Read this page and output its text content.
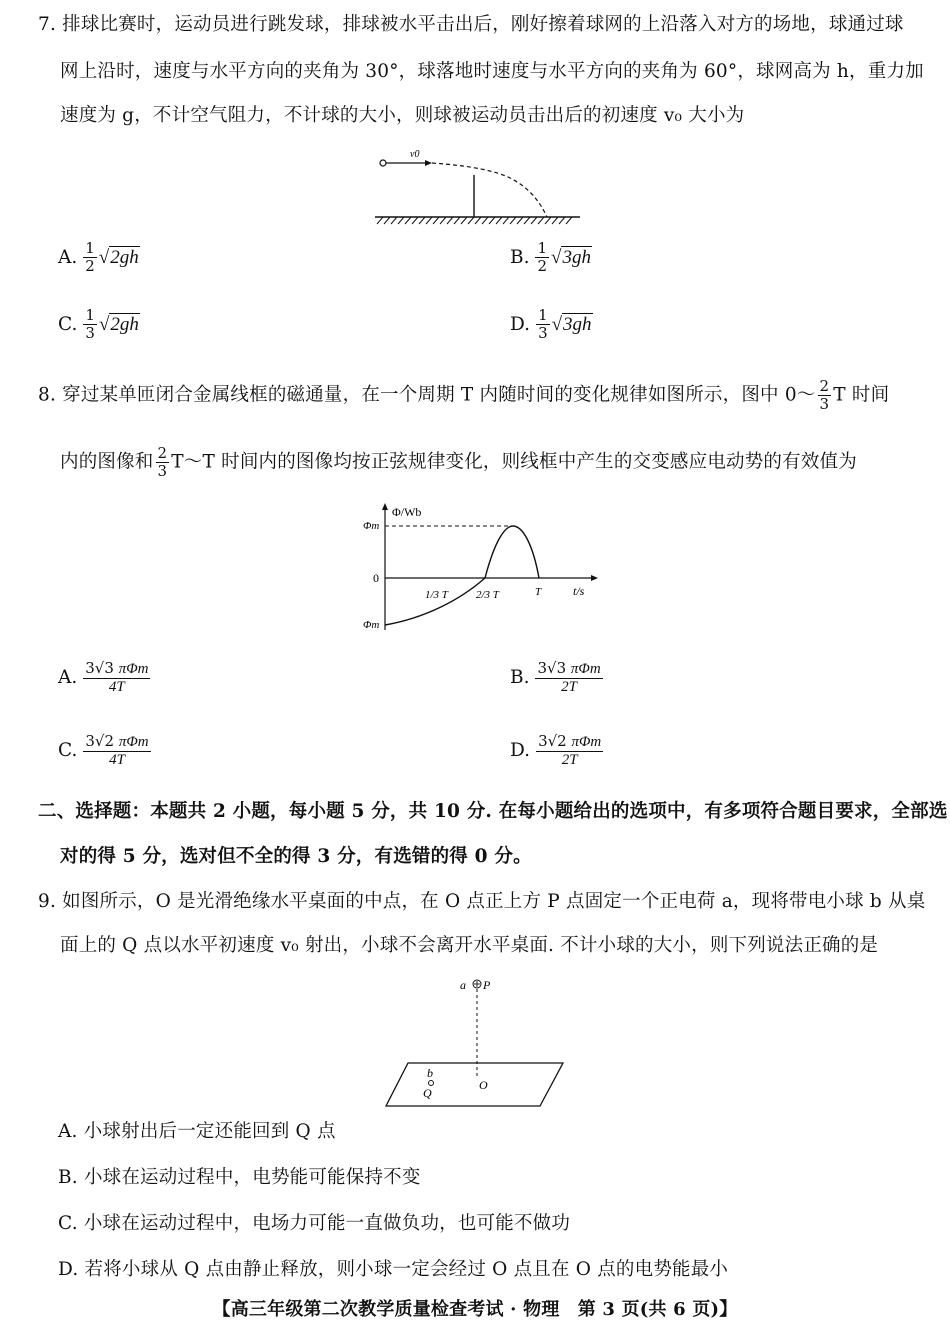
7. 排球比赛时，运动员进行跳发球，排球被水平击出后，刚好擦着球网的上沿落入对方的场地，球通过球
网上沿时，速度与水平方向的夹角为 30°，球落地时速度与水平方向的夹角为 60°，球网高为 h，重力加
速度为 g，不计空气阻力，不计球的大小，则球被运动员击出后的初速度 v₀ 大小为
v0
A. $\frac{1}{2} √2gh$	B. $\frac{1}{2} √3gh$
C. $\frac{1}{3} √2gh$	D. $\frac{1}{3} √3gh$
8. 穿过某单匝闭合金属线框的磁通量，在一个周期 T 内随时间的变化规律如图所示，图中 0～ $\frac{2}{3}$ T 时间
内的图像和 $\frac{2}{3}$ T～T 时间内的图像均按正弦规律变化，则线框中产生的交变感应电动势的有效值为
Φ/Wb
Φm
0
Φm
1/3 T	2/3 T	T	t/s
A. $\frac{\text{3√3 πΦm}}{4T}$	B. $\frac{\text{3√3 πΦm}}{2T}$
C. $\frac{\text{3√2 πΦm}}{4T}$	D. $\frac{\text{3√2 πΦm}}{2T}$
二、选择题：本题共 2 小题，每小题 5 分，共 10 分. 在每小题给出的选项中，有多项符合题目要求，全部选
对的得 5 分，选对但不全的得 3 分，有选错的得 0 分。
9. 如图所示，O 是光滑绝缘水平桌面的中点，在 O 点正上方 P 点固定一个正电荷 a，现将带电小球 b 从桌
面上的 Q 点以水平初速度 v₀ 射出，小球不会离开水平桌面. 不计小球的大小，则下列说法正确的是
a P
b
Q
O
A. 小球射出后一定还能回到 Q 点
B. 小球在运动过程中，电势能可能保持不变
C. 小球在运动过程中，电场力可能一直做负功，也可能不做功
D. 若将小球从 Q 点由静止释放，则小球一定会经过 O 点且在 O 点的电势能最小
【高三年级第二次教学质量检查考试 · 物理　第 3 页(共 6 页)】
